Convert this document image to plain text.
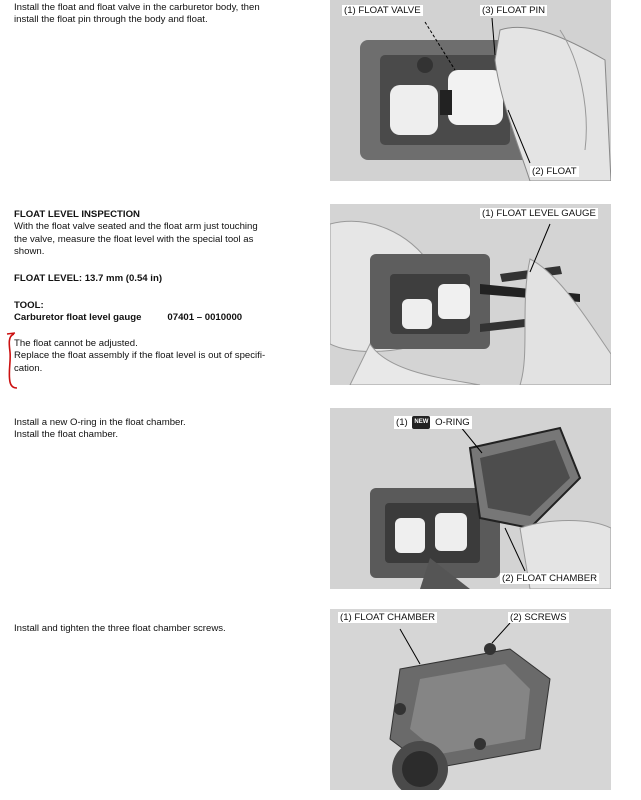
Install the float and float valve in the carburetor body, then
install the float pin through the body and float.
(1) FLOAT VALVE	(3) FLOAT PIN
(2) FLOAT
FLOAT LEVEL INSPECTION
With the float valve seated and the float arm just touching
the valve, measure the float level with the special tool as
shown.
FLOAT LEVEL: 13.7 mm (0.54 in)
TOOL:
Carburetor float level gauge	07401 – 0010000
The float cannot be adjusted.
Replace the float assembly if the float level is out of specifi-
cation.
(1) FLOAT LEVEL GAUGE
Install a new O-ring in the float chamber.
Install the float chamber.
(1) NEW O-RING
(2) FLOAT CHAMBER
Install and tighten the three float chamber screws.
(1) FLOAT CHAMBER	(2) SCREWS
